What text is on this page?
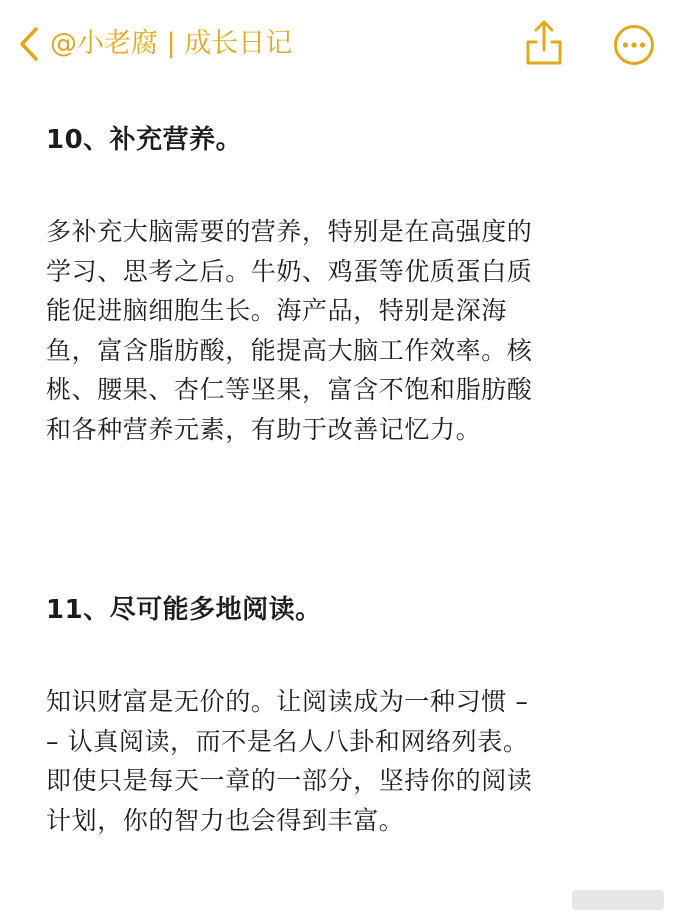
@小老腐 | 成长日记
10、补充营养。

多补充大脑需要的营养，特别是在高强度的
学习、思考之后。牛奶、鸡蛋等优质蛋白质
能促进脑细胞生长。海产品，特别是深海
鱼，富含脂肪酸，能提高大脑工作效率。核
桃、腰果、杏仁等坚果，富含不饱和脂肪酸
和各种营养元素，有助于改善记忆力。

11、尽可能多地阅读。

知识财富是无价的。让阅读成为一种习惯 –
– 认真阅读，而不是名人八卦和网络列表。
即使只是每天一章的一部分，坚持你的阅读
计划，你的智力也会得到丰富。
